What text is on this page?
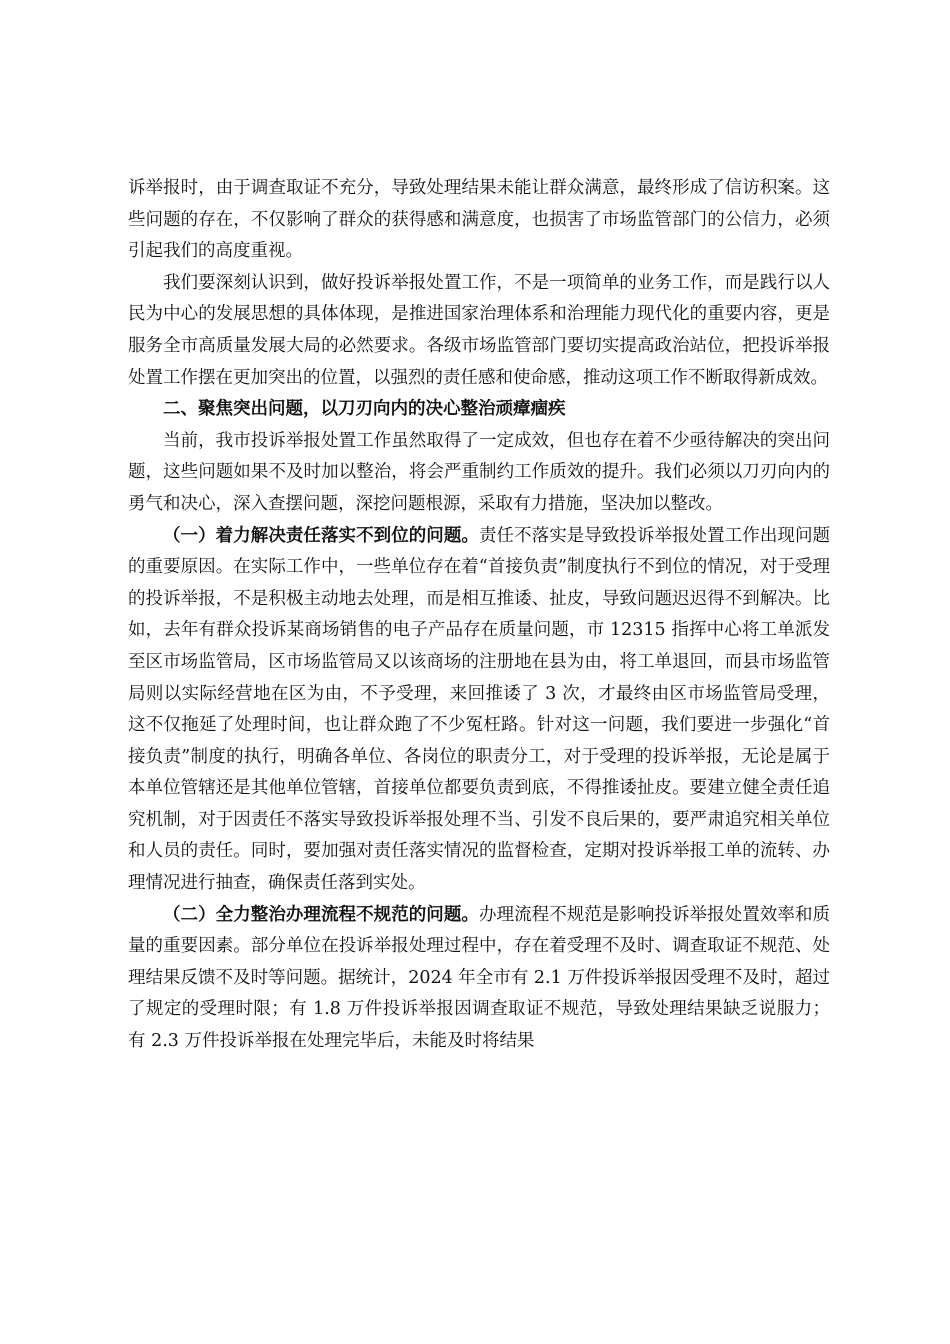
诉举报时，由于调查取证不充分，导致处理结果未能让群众满意，最终形成了信访积案。这些问题的存在，不仅影响了群众的获得感和满意度，也损害了市场监管部门的公信力，必须引起我们的高度重视。

我们要深刻认识到，做好投诉举报处置工作，不是一项简单的业务工作，而是践行以人民为中心的发展思想的具体体现，是推进国家治理体系和治理能力现代化的重要内容，更是服务全市高质量发展大局的必然要求。各级市场监管部门要切实提高政治站位，把投诉举报处置工作摆在更加突出的位置，以强烈的责任感和使命感，推动这项工作不断取得新成效。

二、聚焦突出问题，以刀刃向内的决心整治顽瘴痼疾

当前，我市投诉举报处置工作虽然取得了一定成效，但也存在着不少亟待解决的突出问题，这些问题如果不及时加以整治，将会严重制约工作质效的提升。我们必须以刀刃向内的勇气和决心，深入查摆问题，深挖问题根源，采取有力措施，坚决加以整改。

（一）着力解决责任落实不到位的问题。责任不落实是导致投诉举报处置工作出现问题的重要原因。在实际工作中，一些单位存在着“首接负责”制度执行不到位的情况，对于受理的投诉举报，不是积极主动地去处理，而是相互推诿、扯皮，导致问题迟迟得不到解决。比如，去年有群众投诉某商场销售的电子产品存在质量问题，市 12315 指挥中心将工单派发至区市场监管局，区市场监管局又以该商场的注册地在县为由，将工单退回，而县市场监管局则以实际经营地在区为由，不予受理，来回推诿了 3 次，才最终由区市场监管局受理，这不仅拖延了处理时间，也让群众跑了不少冤枉路。针对这一问题，我们要进一步强化“首接负责”制度的执行，明确各单位、各岗位的职责分工，对于受理的投诉举报，无论是属于本单位管辖还是其他单位管辖，首接单位都要负责到底，不得推诿扯皮。要建立健全责任追究机制，对于因责任不落实导致投诉举报处理不当、引发不良后果的，要严肃追究相关单位和人员的责任。同时，要加强对责任落实情况的监督检查，定期对投诉举报工单的流转、办理情况进行抽查，确保责任落到实处。

（二）全力整治办理流程不规范的问题。办理流程不规范是影响投诉举报处置效率和质量的重要因素。部分单位在投诉举报处理过程中，存在着受理不及时、调查取证不规范、处理结果反馈不及时等问题。据统计，2024 年全市有 2.1 万件投诉举报因受理不及时，超过了规定的受理时限；有 1.8 万件投诉举报因调查取证不规范，导致处理结果缺乏说服力；有 2.3 万件投诉举报在处理完毕后，未能及时将结果
